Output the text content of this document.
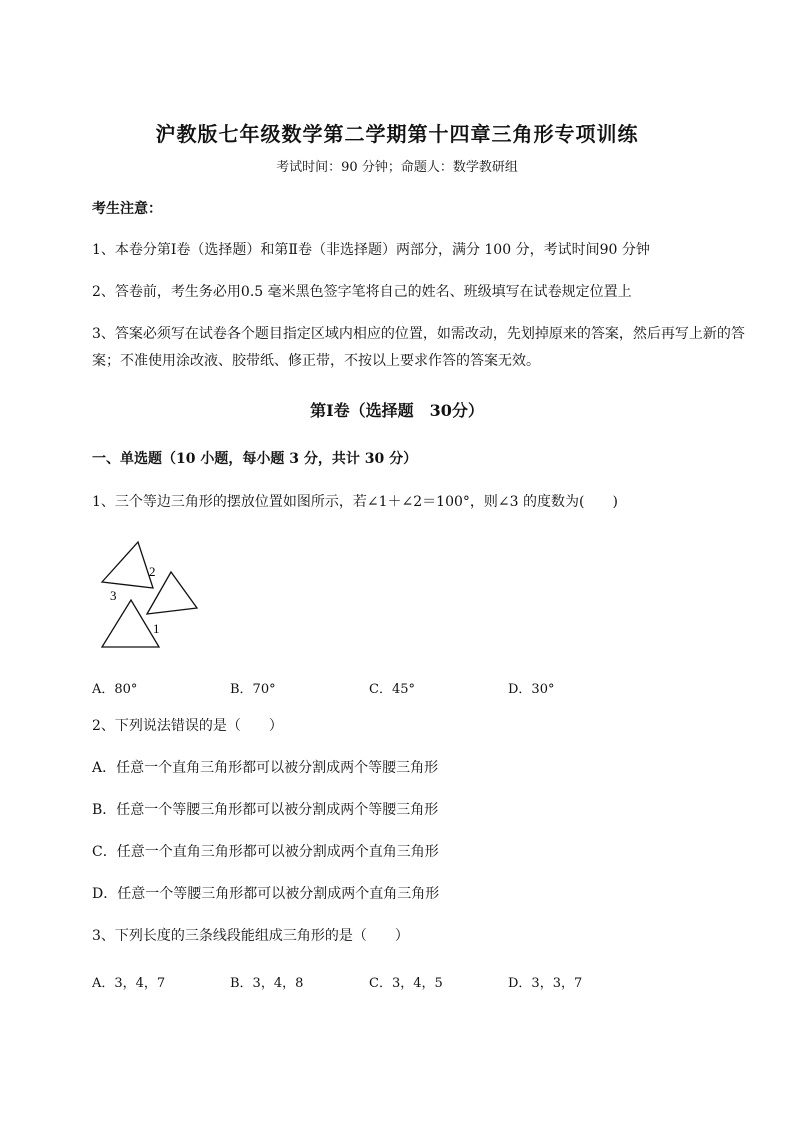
沪教版七年级数学第二学期第十四章三角形专项训练
考试时间：90 分钟；命题人：数学教研组
考生注意：
1、本卷分第Ⅰ卷（选择题）和第Ⅱ卷（非选择题）两部分，满分 100 分，考试时间90 分钟
2、答卷前，考生务必用0.5 毫米黑色签字笔将自己的姓名、班级填写在试卷规定位置上
3、答案必须写在试卷各个题目指定区域内相应的位置，如需改动，先划掉原来的答案，然后再写上新的答案；不准使用涂改液、胶带纸、修正带，不按以上要求作答的答案无效。
第Ⅰ卷（选择题　30分）
一、单选题（10 小题，每小题 3 分，共计 30 分）
1、三个等边三角形的摆放位置如图所示，若∠1＋∠2＝100°，则∠3 的度数为(　　)
2
3
1
A．80°	B．70°	C．45°	D．30°
2、下列说法错误的是（　　）
A．任意一个直角三角形都可以被分割成两个等腰三角形
B．任意一个等腰三角形都可以被分割成两个等腰三角形
C．任意一个直角三角形都可以被分割成两个直角三角形
D．任意一个等腰三角形都可以被分割成两个直角三角形
3、下列长度的三条线段能组成三角形的是（　　）
A．3，4，7	B．3，4，8	C．3，4，5	D．3，3，7
